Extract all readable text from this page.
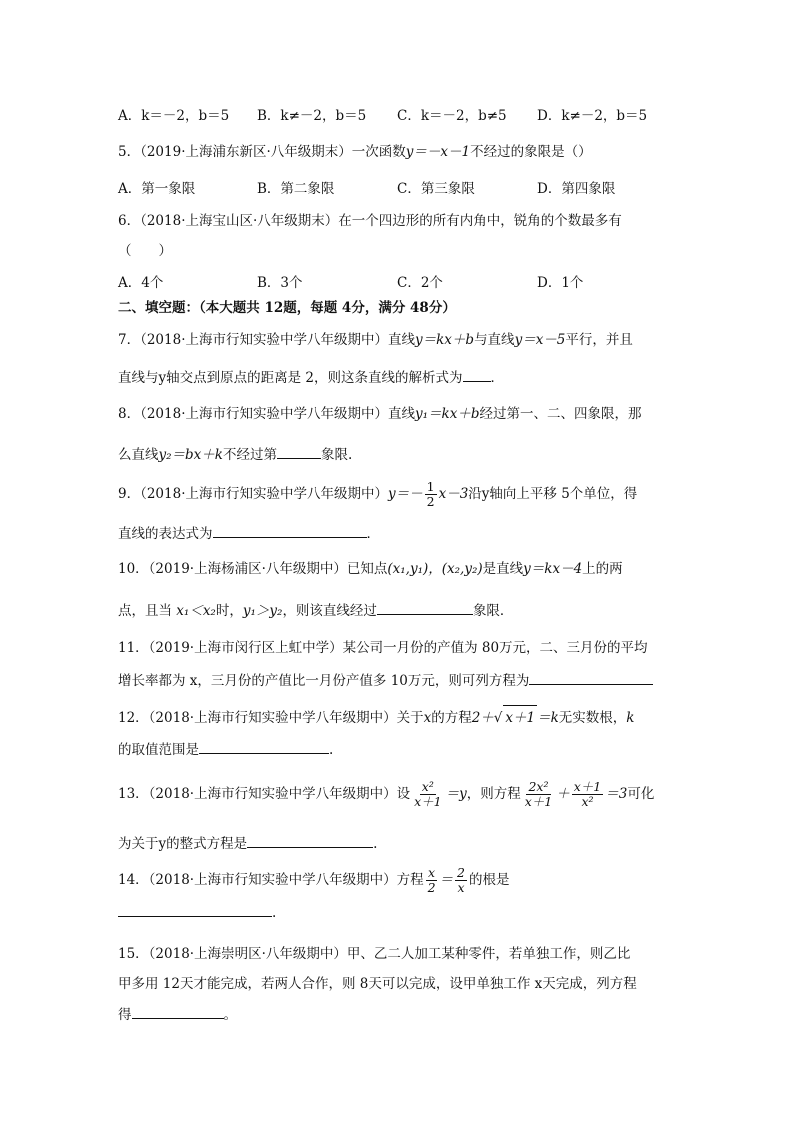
A．k＝－2，b＝5 B．k≠－2，b＝5 C．k＝－2，b≠5 D．k≠－2，b＝5
5．（2019·上海浦东新区·八年级期末）一次函数y＝－x－1不经过的象限是（）
A．第一象限	B．第二象限	C．第三象限	D．第四象限
6．（2018·上海宝山区·八年级期末）在一个四边形的所有内角中，锐角的个数最多有
（　　）
A．4个	B．3个	C．2个	D．1个
二、填空题：（本大题共 12题，每题 4分，满分 48分）
7．（2018·上海市行知实验中学八年级期中）直线y＝kx＋b与直线y＝x－5平行，并且
直线与y轴交点到原点的距离是 2，则这条直线的解析式为 ．
8．（2018·上海市行知实验中学八年级期中）直线y₁＝kx＋b经过第一、二、四象限，那
么直线y₂＝bx＋k不经过第	象限.
9．（2018·上海市行知实验中学八年级期中）$y=- \frac{1}{2} x-3$沿y轴向上平移 5个单位，得
直线的表达式为	．
10．（2019·上海杨浦区·八年级期中）已知点(x₁,y₁)，(x₂,y₂)是直线y＝kx－4上的两
点，且当 x₁＜x₂时，y₁＞y₂，则该直线经过	象限．
11．（2019·上海市闵行区上虹中学）某公司一月份的产值为 80万元，二、三月份的平均
增长率都为 x，三月份的产值比一月份产值多 10万元，则可列方程为
12．（2018·上海市行知实验中学八年级期中）关于x的方程2＋√ x＋1 ＝k无实数根，k
的取值范围是	.
13．（2018·上海市行知实验中学八年级期中）设 $\frac{\text{x²}}{x+1} =y$，则方程 $\frac{\text{2x²}}{x+1} + \frac{x+1}{\text{x²}} =3$可化
为关于y的整式方程是	.
14．（2018·上海市行知实验中学八年级期中）方程 $\frac{x}{2} = \frac{2}{x}$ 的根是
.
15．（2018·上海崇明区·八年级期中）甲、乙二人加工某种零件，若单独工作，则乙比
甲多用 12天才能完成，若两人合作，则 8天可以完成，设甲单独工作 x天完成，列方程
得	。
